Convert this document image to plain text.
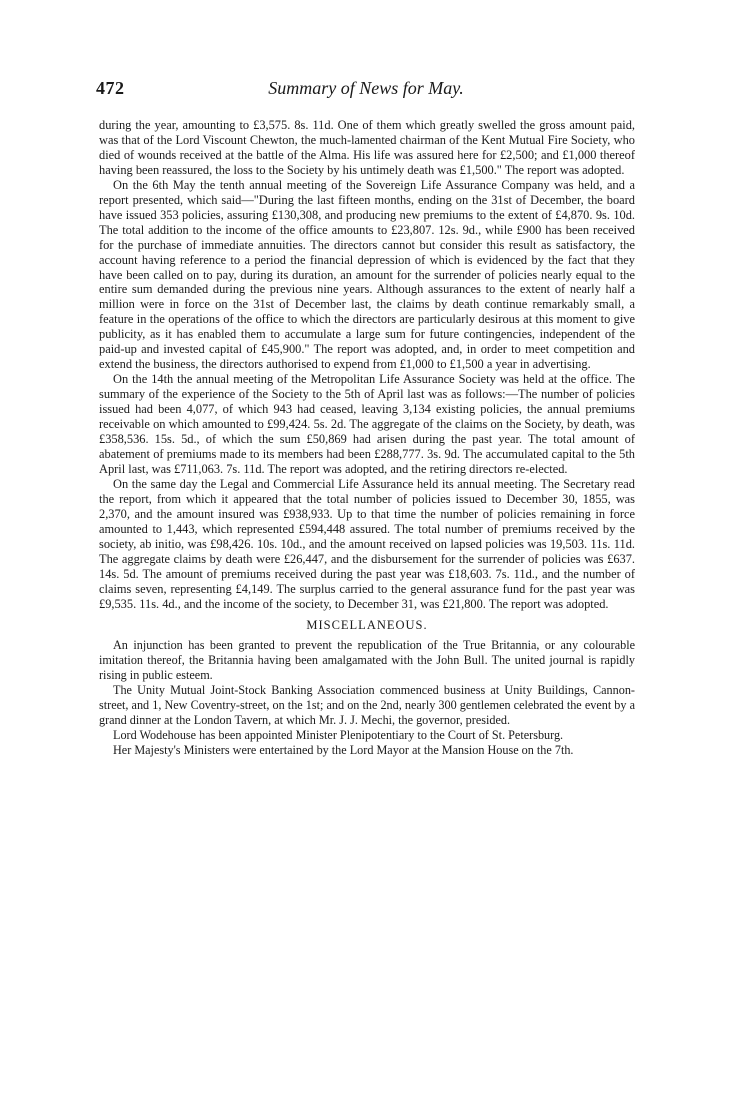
472	Summary of News for May.

during the year, amounting to £3,575. 8s. 11d. One of them which greatly swelled the gross amount paid, was that of the Lord Viscount Chewton, the much-lamented chairman of the Kent Mutual Fire Society, who died of wounds received at the battle of the Alma. His life was assured here for £2,500; and £1,000 thereof having been reassured, the loss to the Society by his untimely death was £1,500." The report was adopted.

On the 6th May the tenth annual meeting of the Sovereign Life Assurance Company was held, and a report presented, which said—"During the last fifteen months, ending on the 31st of December, the board have issued 353 policies, assuring £130,308, and producing new premiums to the extent of £4,870. 9s. 10d. The total addition to the income of the office amounts to £23,807. 12s. 9d., while £900 has been received for the purchase of immediate annuities. The directors cannot but consider this result as satisfactory, the account having reference to a period the financial depression of which is evidenced by the fact that they have been called on to pay, during its duration, an amount for the surrender of policies nearly equal to the entire sum demanded during the previous nine years. Although assurances to the extent of nearly half a million were in force on the 31st of December last, the claims by death continue remarkably small, a feature in the operations of the office to which the directors are particularly desirous at this moment to give publicity, as it has enabled them to accumulate a large sum for future contingencies, independent of the paid-up and invested capital of £45,900." The report was adopted, and, in order to meet competition and extend the business, the directors authorised to expend from £1,000 to £1,500 a year in advertising.

On the 14th the annual meeting of the Metropolitan Life Assurance Society was held at the office. The summary of the experience of the Society to the 5th of April last was as follows:—The number of policies issued had been 4,077, of which 943 had ceased, leaving 3,134 existing policies, the annual premiums receivable on which amounted to £99,424. 5s. 2d. The aggregate of the claims on the Society, by death, was £358,536. 15s. 5d., of which the sum £50,869 had arisen during the past year. The total amount of abatement of premiums made to its members had been £288,777. 3s. 9d. The accumulated capital to the 5th April last, was £711,063. 7s. 11d. The report was adopted, and the retiring directors re-elected.

On the same day the Legal and Commercial Life Assurance held its annual meeting. The Secretary read the report, from which it appeared that the total number of policies issued to December 30, 1855, was 2,370, and the amount insured was £938,933. Up to that time the number of policies remaining in force amounted to 1,443, which represented £594,448 assured. The total number of premiums received by the society, ab initio, was £98,426. 10s. 10d., and the amount received on lapsed policies was 19,503. 11s. 11d. The aggregate claims by death were £26,447, and the disbursement for the surrender of policies was £637. 14s. 5d. The amount of premiums received during the past year was £18,603. 7s. 11d., and the number of claims seven, representing £4,149. The surplus carried to the general assurance fund for the past year was £9,535. 11s. 4d., and the income of the society, to December 31, was £21,800. The report was adopted.

MISCELLANEOUS.

An injunction has been granted to prevent the republication of the True Britannia, or any colourable imitation thereof, the Britannia having been amalgamated with the John Bull. The united journal is rapidly rising in public esteem.

The Unity Mutual Joint-Stock Banking Association commenced business at Unity Buildings, Cannon-street, and 1, New Coventry-street, on the 1st; and on the 2nd, nearly 300 gentlemen celebrated the event by a grand dinner at the London Tavern, at which Mr. J. J. Mechi, the governor, presided.

Lord Wodehouse has been appointed Minister Plenipotentiary to the Court of St. Petersburg.

Her Majesty's Ministers were entertained by the Lord Mayor at the Mansion House on the 7th.
